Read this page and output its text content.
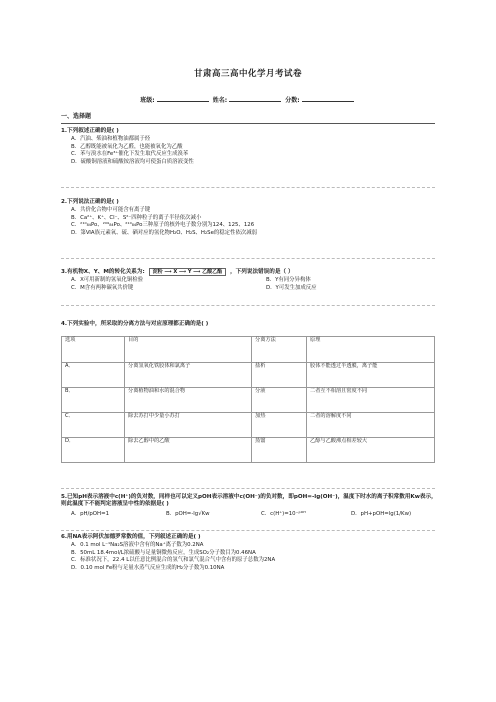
甘肃高三高中化学月考试卷
班级:	姓名:	分数:
一、选择题
1.下列叙述正确的是( )
A．汽油、柴油和植物油都属于烃
B．乙醇既能被氧化为乙醛，也能被氧化为乙酸
C．苯与溴水在Fe³⁺催化下发生取代反应生成溴苯
D．硫酸铜溶液和硫酸铵溶液均可使蛋白质溶液变性
2.下列说法正确的是( )
A．共价化合物中可能含有离子键
B．Ca²⁺、K⁺、Cl⁻、S²⁻四种粒子的离子半径依次减小
C．²¹⁰₈₄Po、²⁰⁹₈₄Po、²¹⁰₈₄Po三种原子的核外电子数分别为124、125、126
D．第ⅥA族元素氧、硫、硒对应的氢化物H₂O、H₂S、H₂Se的稳定性依次减弱
3.有机物X、Y、M的转化关系为: 淀粉 ⟶ X ⟶ Y ⟶ 乙酸乙酯 ，下列说法错误的是（ ）
A．X可用新制的氢氧化铜检验	B．Y有同分异构体
C．M含有两种碳氧共价键	D．Y可发生加成反应
4.下列实验中，所采取的分离方法与对应原理都正确的是( )
选项	目的	分离方法	原理
A．	分离氢氧化铁胶体和氯离子	盐析	胶体不能透过半透膜，离子能
B．	分离植物油和水的混合物	分液	二者互不相溶且密度不同
C．	除去苏打中少量小苏打	加热	二者的溶解度不同
D．	除去乙醇中的乙酸	蒸馏	乙醇与乙酸沸点相差较大
5.已知pH表示溶液中c(H⁺)的负对数，同样也可以定义pOH表示溶液中c(OH⁻)的负对数，即pOH=-lg(OH⁻)，温度下时水的离子积常数用Kw表示，则此温度下不能判定溶液呈中性的依据是( )
A．pH/pOH=1	B．pOH=-lg√Kw	C．c(H⁺)=10⁻ᵖᴼᴴ	D．pH+pOH=lg(1/Kw)
6.用NA表示阿伏加德罗常数的值，下列叙述正确的是( )
A．0.1 mol L⁻¹Na₂S溶液中含有的Na⁺离子数为0.2NA
B．50mL 18.4mol/L浓硫酸与足量铜微热反应，生成SO₂分子数目为0.46NA
C．标准状况下，22.4 L以任意比例混合的氢气和氯气混合气中含有的原子总数为2NA
D．0.10 mol Fe粉与足量水蒸气反应生成的H₂分子数为0.10NA
